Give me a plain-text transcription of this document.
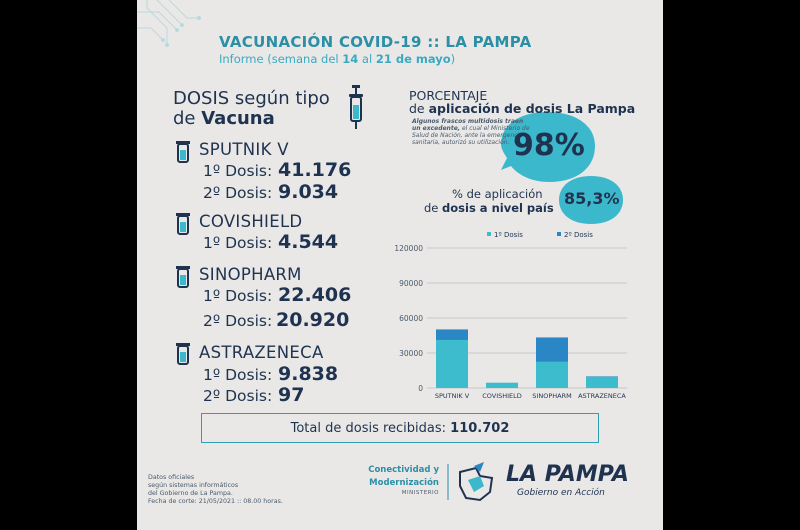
VACUNACIÓN COVID-19 :: LA PAMPA
Informe (semana del 14 al 21 de mayo)
DOSIS según tipo
de Vacuna
SPUTNIK V
1º Dosis: 41.176
2º Dosis: 9.034
COVISHIELD
1º Dosis: 4.544
SINOPHARM
1º Dosis: 22.406
2º Dosis: 20.920
ASTRAZENECA
1º Dosis: 9.838
2º Dosis: 97
PORCENTAJE
de aplicación de dosis La Pampa
Algunos frascos multidosis traen un excedente, el cual el Ministerio de Salud de Nación, ante la emergencia sanitaria, autorizó su utilización. 98%
% de aplicación
de dosis a nivel país 85,3%
0
30000
60000
90000
120000
1º Dosis	2º Dosis
SPUTNIK V COVISHIELD SINOPHARM ASTRAZENECA
Total de dosis recibidas: 110.702
Datos oficiales
según sistemas informáticos
del Gobierno de La Pampa.
Fecha de corte: 21/05/2021 :: 08.00 horas.
Conectividad y
Modernización
MINISTERIO
LA PAMPA
Gobierno en Acción
